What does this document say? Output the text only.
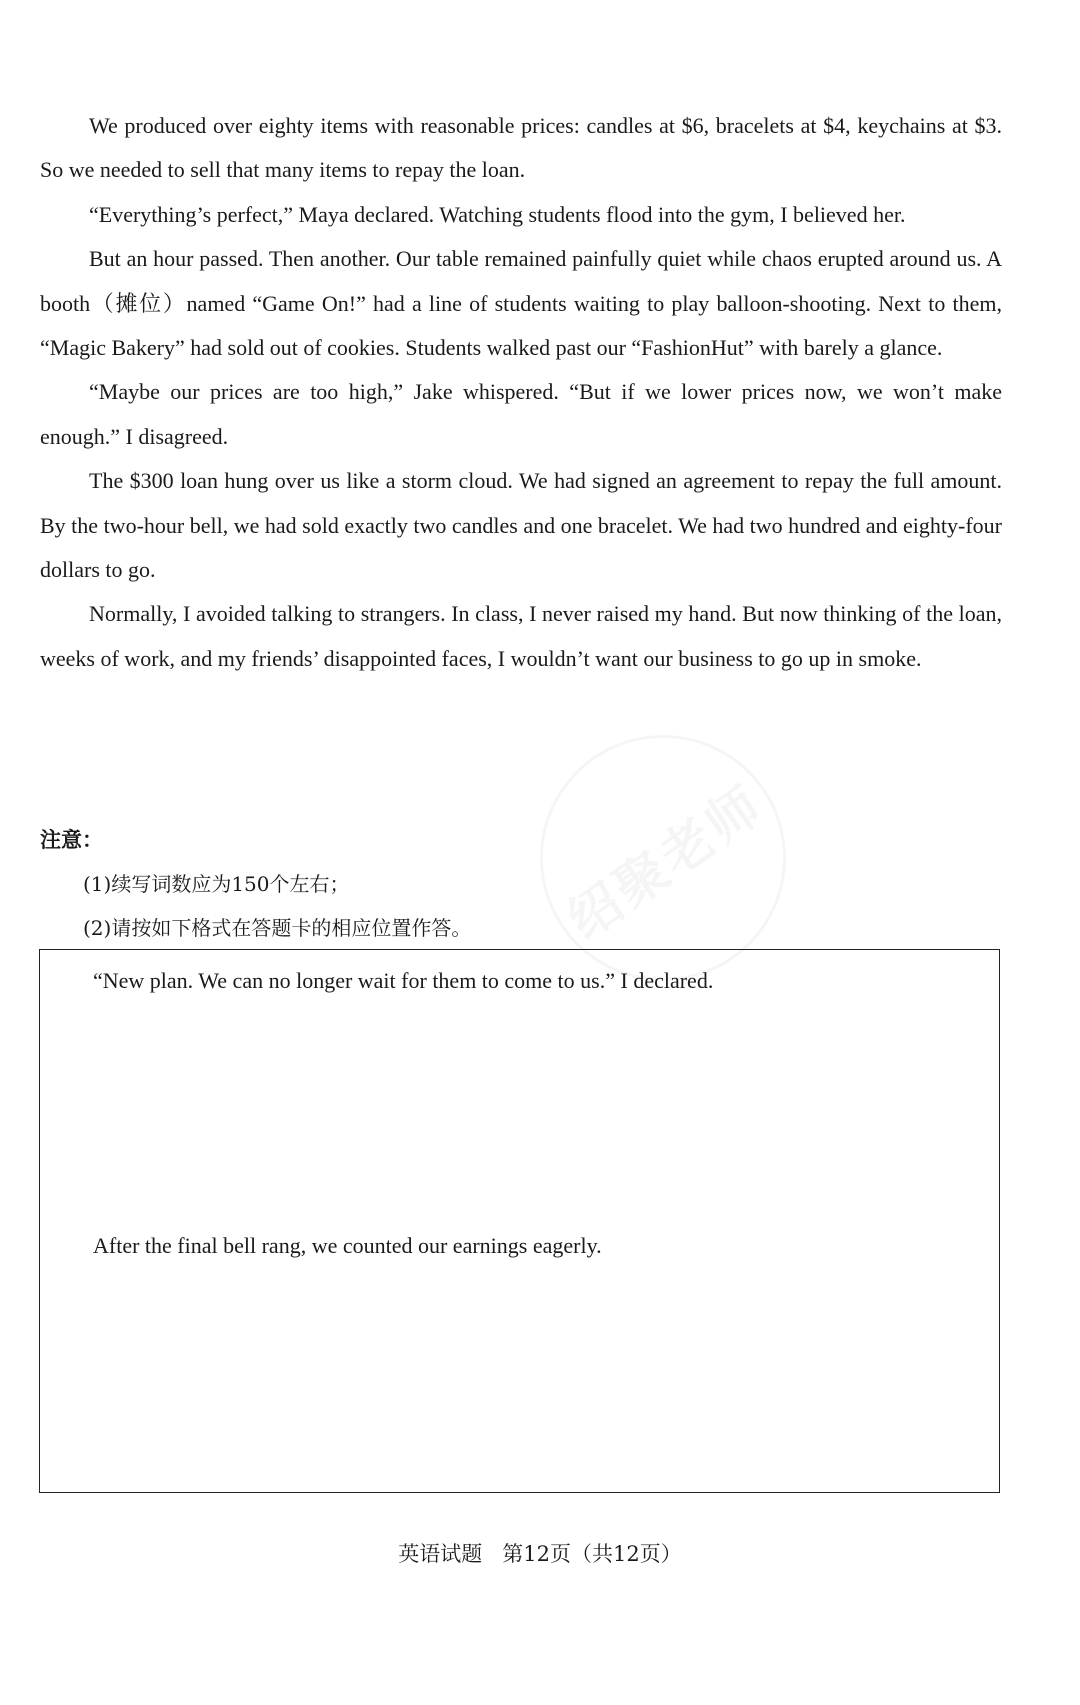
We produced over eighty items with reasonable prices: candles at $6, bracelets at $4, keychains at $3. So we needed to sell that many items to repay the loan.

“Everything’s perfect,” Maya declared. Watching students flood into the gym, I believed her.

But an hour passed. Then another. Our table remained painfully quiet while chaos erupted around us. A booth（摊位）named “Game On!” had a line of students waiting to play balloon-shooting. Next to them, “Magic Bakery” had sold out of cookies. Students walked past our “FashionHut” with barely a glance.

“Maybe our prices are too high,” Jake whispered. “But if we lower prices now, we won’t make enough.” I disagreed.

The $300 loan hung over us like a storm cloud. We had signed an agreement to repay the full amount. By the two-hour bell, we had sold exactly two candles and one bracelet. We had two hundred and eighty-four dollars to go.

Normally, I avoided talking to strangers. In class, I never raised my hand. But now thinking of the loan, weeks of work, and my friends’ disappointed faces, I wouldn’t want our business to go up in smoke.

注意：

(1)续写词数应为150个左右；

(2)请按如下格式在答题卡的相应位置作答。

“New plan. We can no longer wait for them to come to us.” I declared.
After the final bell rang, we counted our earnings eagerly.
英语试题 第12页（共12页）
